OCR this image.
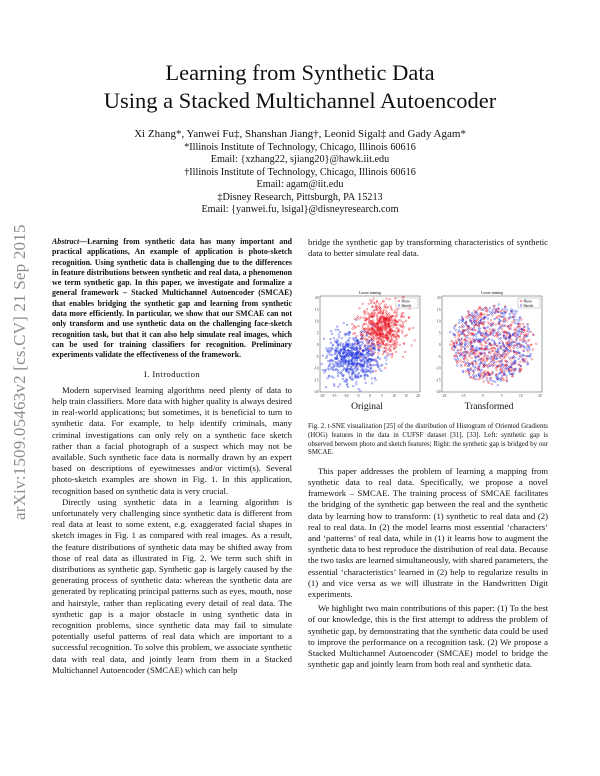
arXiv:1509.05463v2 [cs.CV] 21 Sep 2015
Learning from Synthetic Data
Using a Stacked Multichannel Autoencoder
Xi Zhang*, Yanwei Fu‡, Shanshan Jiang†, Leonid Sigal‡ and Gady Agam*
*Illinois Institute of Technology, Chicago, Illinois 60616
Email: {xzhang22, sjiang20}@hawk.iit.edu
†Illinois Institute of Technology, Chicago, Illinois 60616
Email: agam@iit.edu
‡Disney Research, Pittsburgh, PA 15213
Email: {yanwei.fu, lsigal}@disneyresearch.com
Abstract—Learning from synthetic data has many important and practical applications, An example of application is photo-sketch recognition. Using synthetic data is challenging due to the differences in feature distributions between synthetic and real data, a phenomenon we term synthetic gap. In this paper, we investigate and formalize a general framework – Stacked Multichannel Autoencoder (SMCAE) that enables bridging the synthetic gap and learning from synthetic data more efficiently. In particular, we show that our SMCAE can not only transform and use synthetic data on the challenging face-sketch recognition task, but that it can also help simulate real images, which can be used for training classifiers for recognition. Preliminary experiments validate the effectiveness of the framework.
I. Introduction

Modern supervised learning algorithms need plenty of data to help train classifiers. More data with higher quality is always desired in real-world applications; but sometimes, it is beneficial to turn to synthetic data. For example, to help identify criminals, many criminal investigations can only rely on a synthetic face sketch rather than a facial photograph of a suspect which may not be available. Such synthetic face data is normally drawn by an expert based on descriptions of eyewitnesses and/or victim(s). Several photo-sketch examples are shown in Fig. 1. In this application, recognition based on synthetic data is very crucial.

Directly using synthetic data in a learning algorithm is unfortunately very challenging since synthetic data is different from real data at least to some extent, e.g. exaggerated facial shapes in sketch images in Fig. 1 as compared with real images. As a result, the feature distributions of synthetic data may be shifted away from those of real data as illustrated in Fig. 2. We term such shift in distributions as synthetic gap. Synthetic gap is largely caused by the generating process of synthetic data: whereas the synthetic data are generated by replicating principal patterns such as eyes, mouth, nose and hairstyle, rather than replicating every detail of real data. The synthetic gap is a major obstacle in using synthetic data in recognition problems, since synthetic data may fail to simulate potentially useful patterns of real data which are important to a successful recognition. To solve this problem, we associate synthetic data with real data, and jointly learn from them in a Stacked Multichannel Autoencoder (SMCAE) which can help

bridge the synthetic gap by transforming characteristics of synthetic data to better simulate real data.
Lscore training
Photo
Sketch
20
15
10
5
0
-5
-10
-15
-20
-20 -15 -10 -5	0	5	10 15 20
Lscore training
Photo
Sketch
20
15
10
5
0
-5
-10
-15
-20
-25	-15	-5	5	15	25
Original	Transformed
Fig. 2. t-SNE visualization [25] of the distribution of Histogram of Oriented Gradients (HOG) features in the data in CUFSF dataset [31], [33]. Left: synthetic gap is observed between photo and sketch features; Right: the synthetic gap is bridged by our SMCAE.

This paper addresses the problem of learning a mapping from synthetic data to real data. Specifically, we propose a novel framework – SMCAE. The training process of SMCAE facilitates the bridging of the synthetic gap between the real and the synthetic data by learning how to transform: (1) synthetic to real data and (2) real to real data. In (2) the model learns most essential ‘characters’ and ‘patterns’ of real data, while in (1) it learns how to augment the synthetic data to best reproduce the distribution of real data. Because the two tasks are learned simultaneously, with shared parameters, the essential ‘characteristics’ learned in (2) help to regularize results in (1) and vice versa as we will illustrate in the Handwritten Digit experiments.

We highlight two main contributions of this paper: (1) To the best of our knowledge, this is the first attempt to address the problem of synthetic gap, by demonstrating that the synthetic data could be used to improve the performance on a recognition task. (2) We propose a Stacked Multichannel Autoencoder (SMCAE) model to bridge the synthetic gap and jointly learn from both real and synthetic data.
